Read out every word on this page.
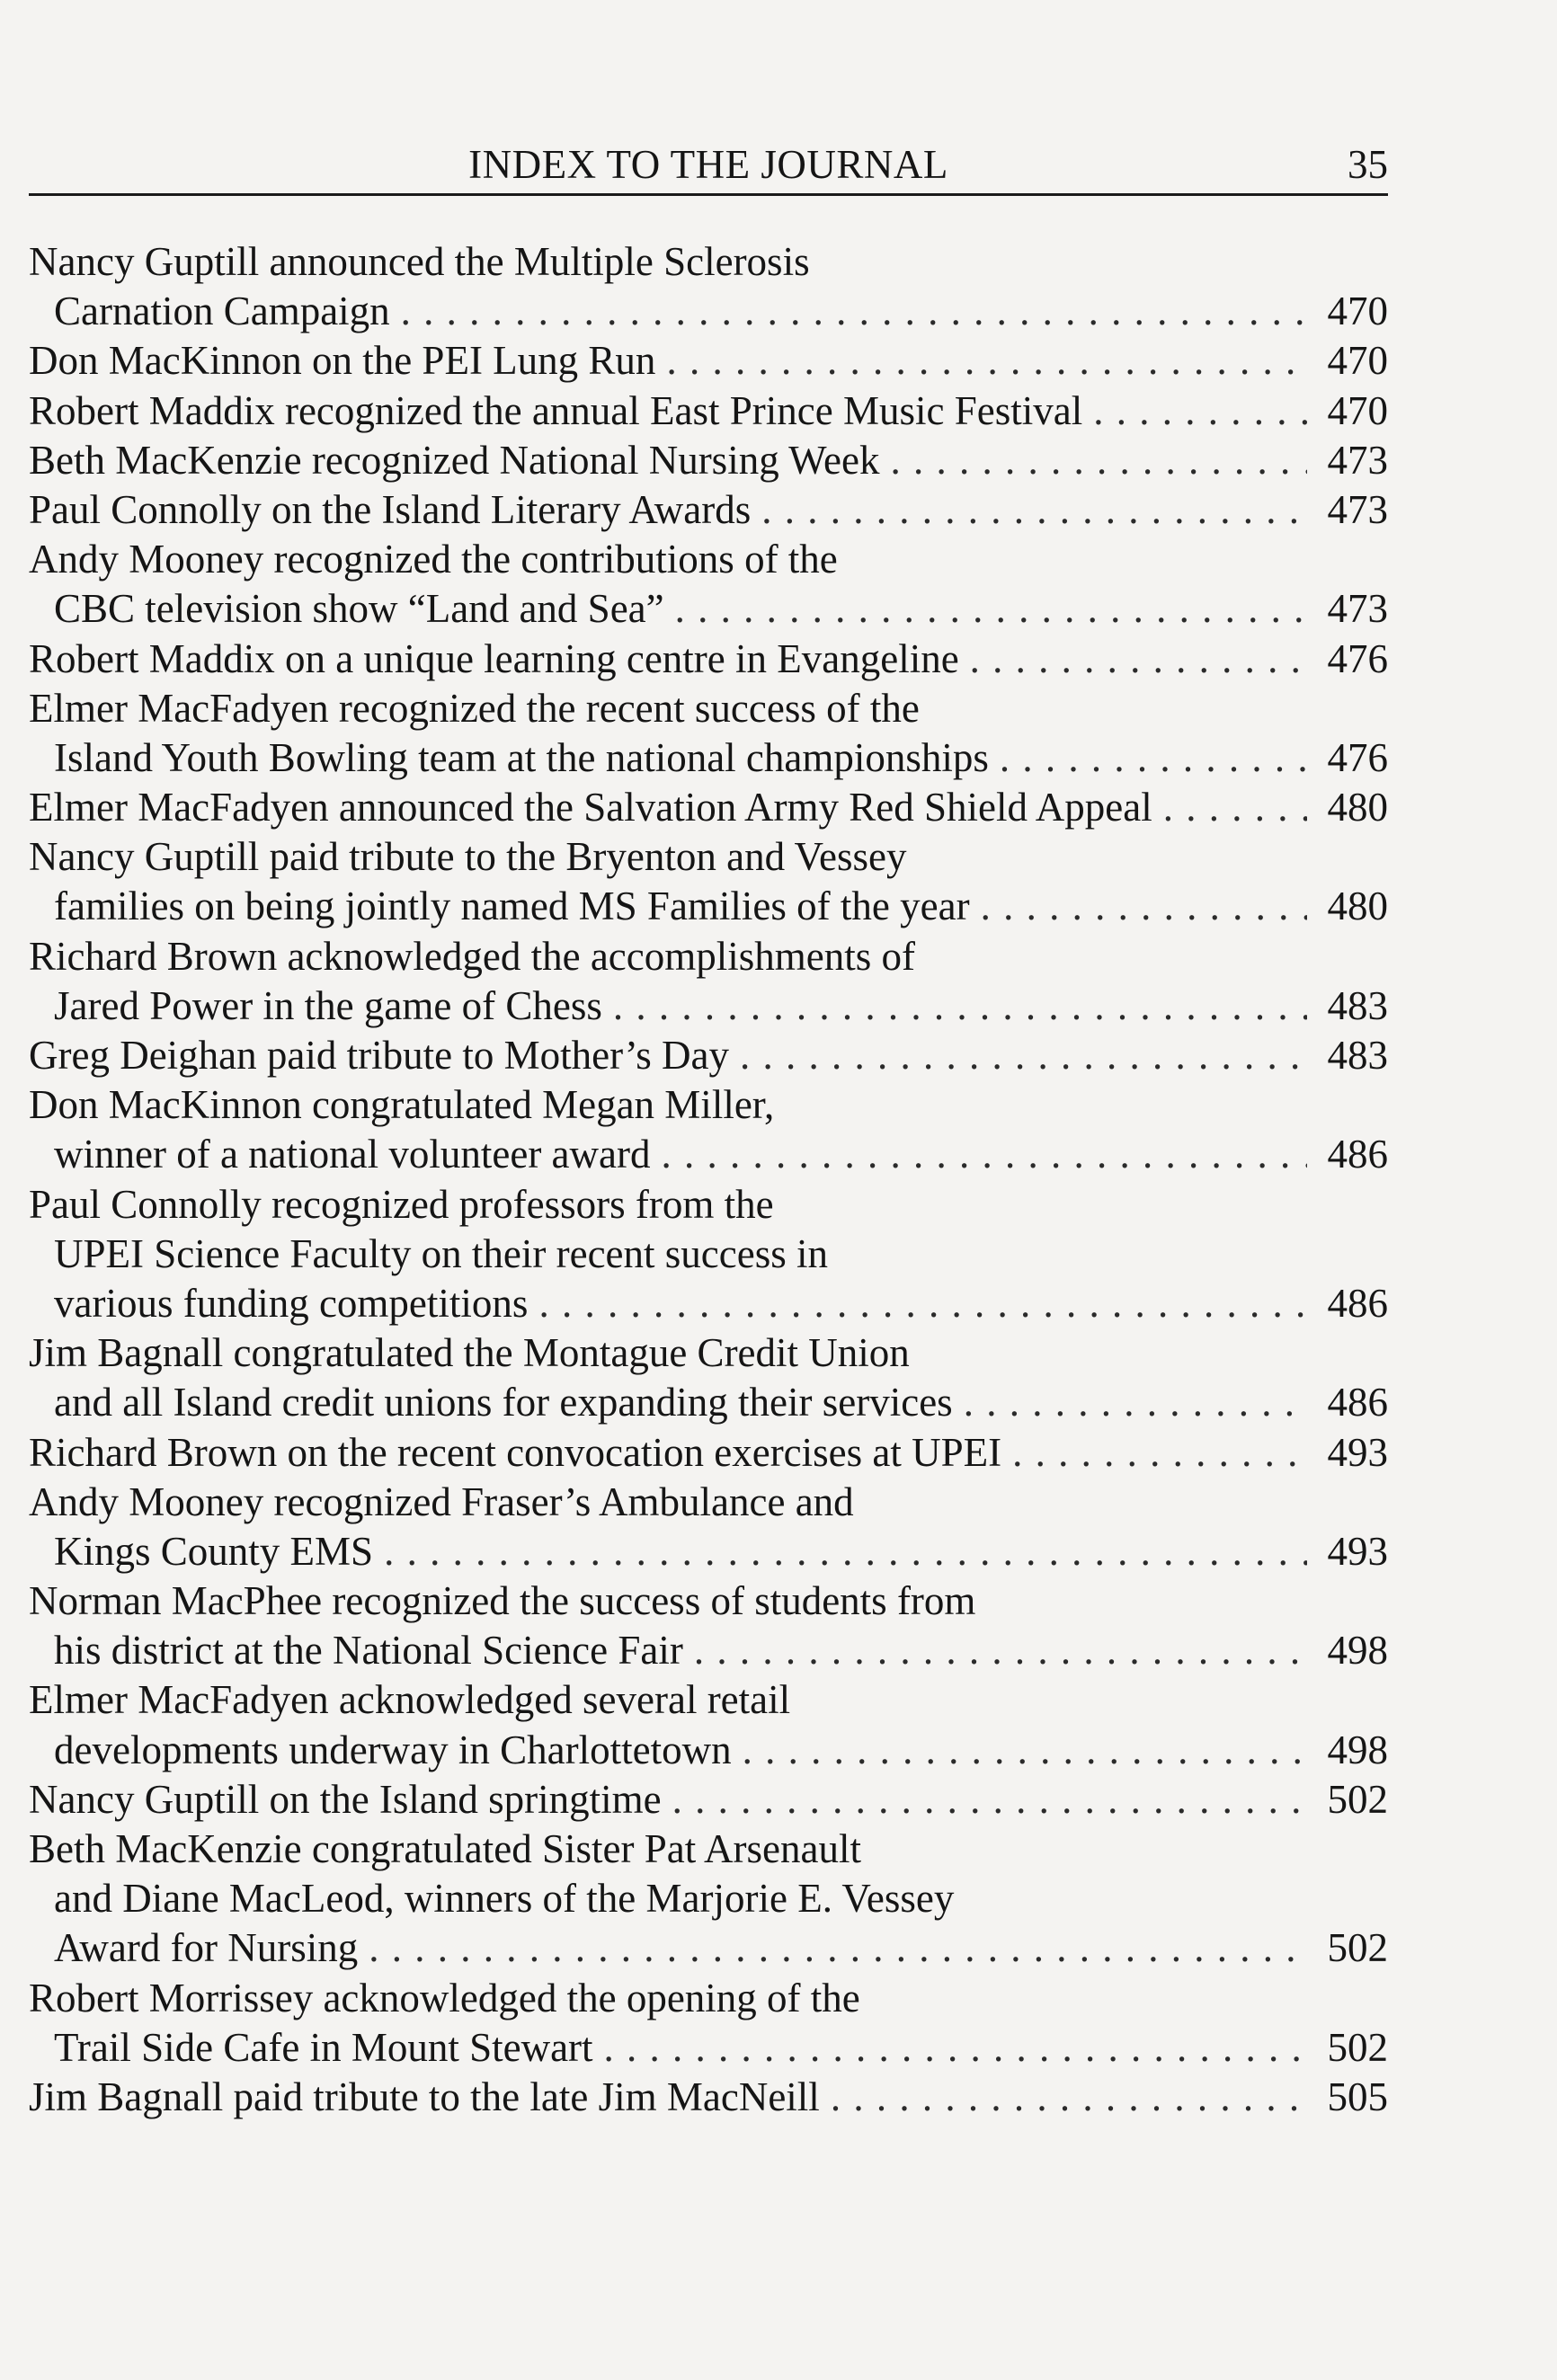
INDEX TO THE JOURNAL	35
Nancy Guptill announced the Multiple Sclerosis
Carnation Campaign . . .	470
Don MacKinnon on the PEI Lung Run . . .	470
Robert Maddix recognized the annual East Prince Music Festival . . .	470
Beth MacKenzie recognized National Nursing Week . . .	473
Paul Connolly on the Island Literary Awards . . .	473
Andy Mooney recognized the contributions of the
CBC television show “Land and Sea” . . .	473
Robert Maddix on a unique learning centre in Evangeline . . .	476
Elmer MacFadyen recognized the recent success of the
Island Youth Bowling team at the national championships . . .	476
Elmer MacFadyen announced the Salvation Army Red Shield Appeal . . .	480
Nancy Guptill paid tribute to the Bryenton and Vessey
families on being jointly named MS Families of the year . . .	480
Richard Brown acknowledged the accomplishments of
Jared Power in the game of Chess . . .	483
Greg Deighan paid tribute to Mother’s Day . . .	483
Don MacKinnon congratulated Megan Miller,
winner of a national volunteer award . . .	486
Paul Connolly recognized professors from the
UPEI Science Faculty on their recent success in
various funding competitions . . .	486
Jim Bagnall congratulated the Montague Credit Union
and all Island credit unions for expanding their services . . .	486
Richard Brown on the recent convocation exercises at UPEI . . .	493
Andy Mooney recognized Fraser’s Ambulance and
Kings County EMS . . .	493
Norman MacPhee recognized the success of students from
his district at the National Science Fair . . .	498
Elmer MacFadyen acknowledged several retail
developments underway in Charlottetown . . .	498
Nancy Guptill on the Island springtime . . .	502
Beth MacKenzie congratulated Sister Pat Arsenault
and Diane MacLeod, winners of the Marjorie E. Vessey
Award for Nursing . . .	502
Robert Morrissey acknowledged the opening of the
Trail Side Cafe in Mount Stewart . . .	502
Jim Bagnall paid tribute to the late Jim MacNeill . . .	505
